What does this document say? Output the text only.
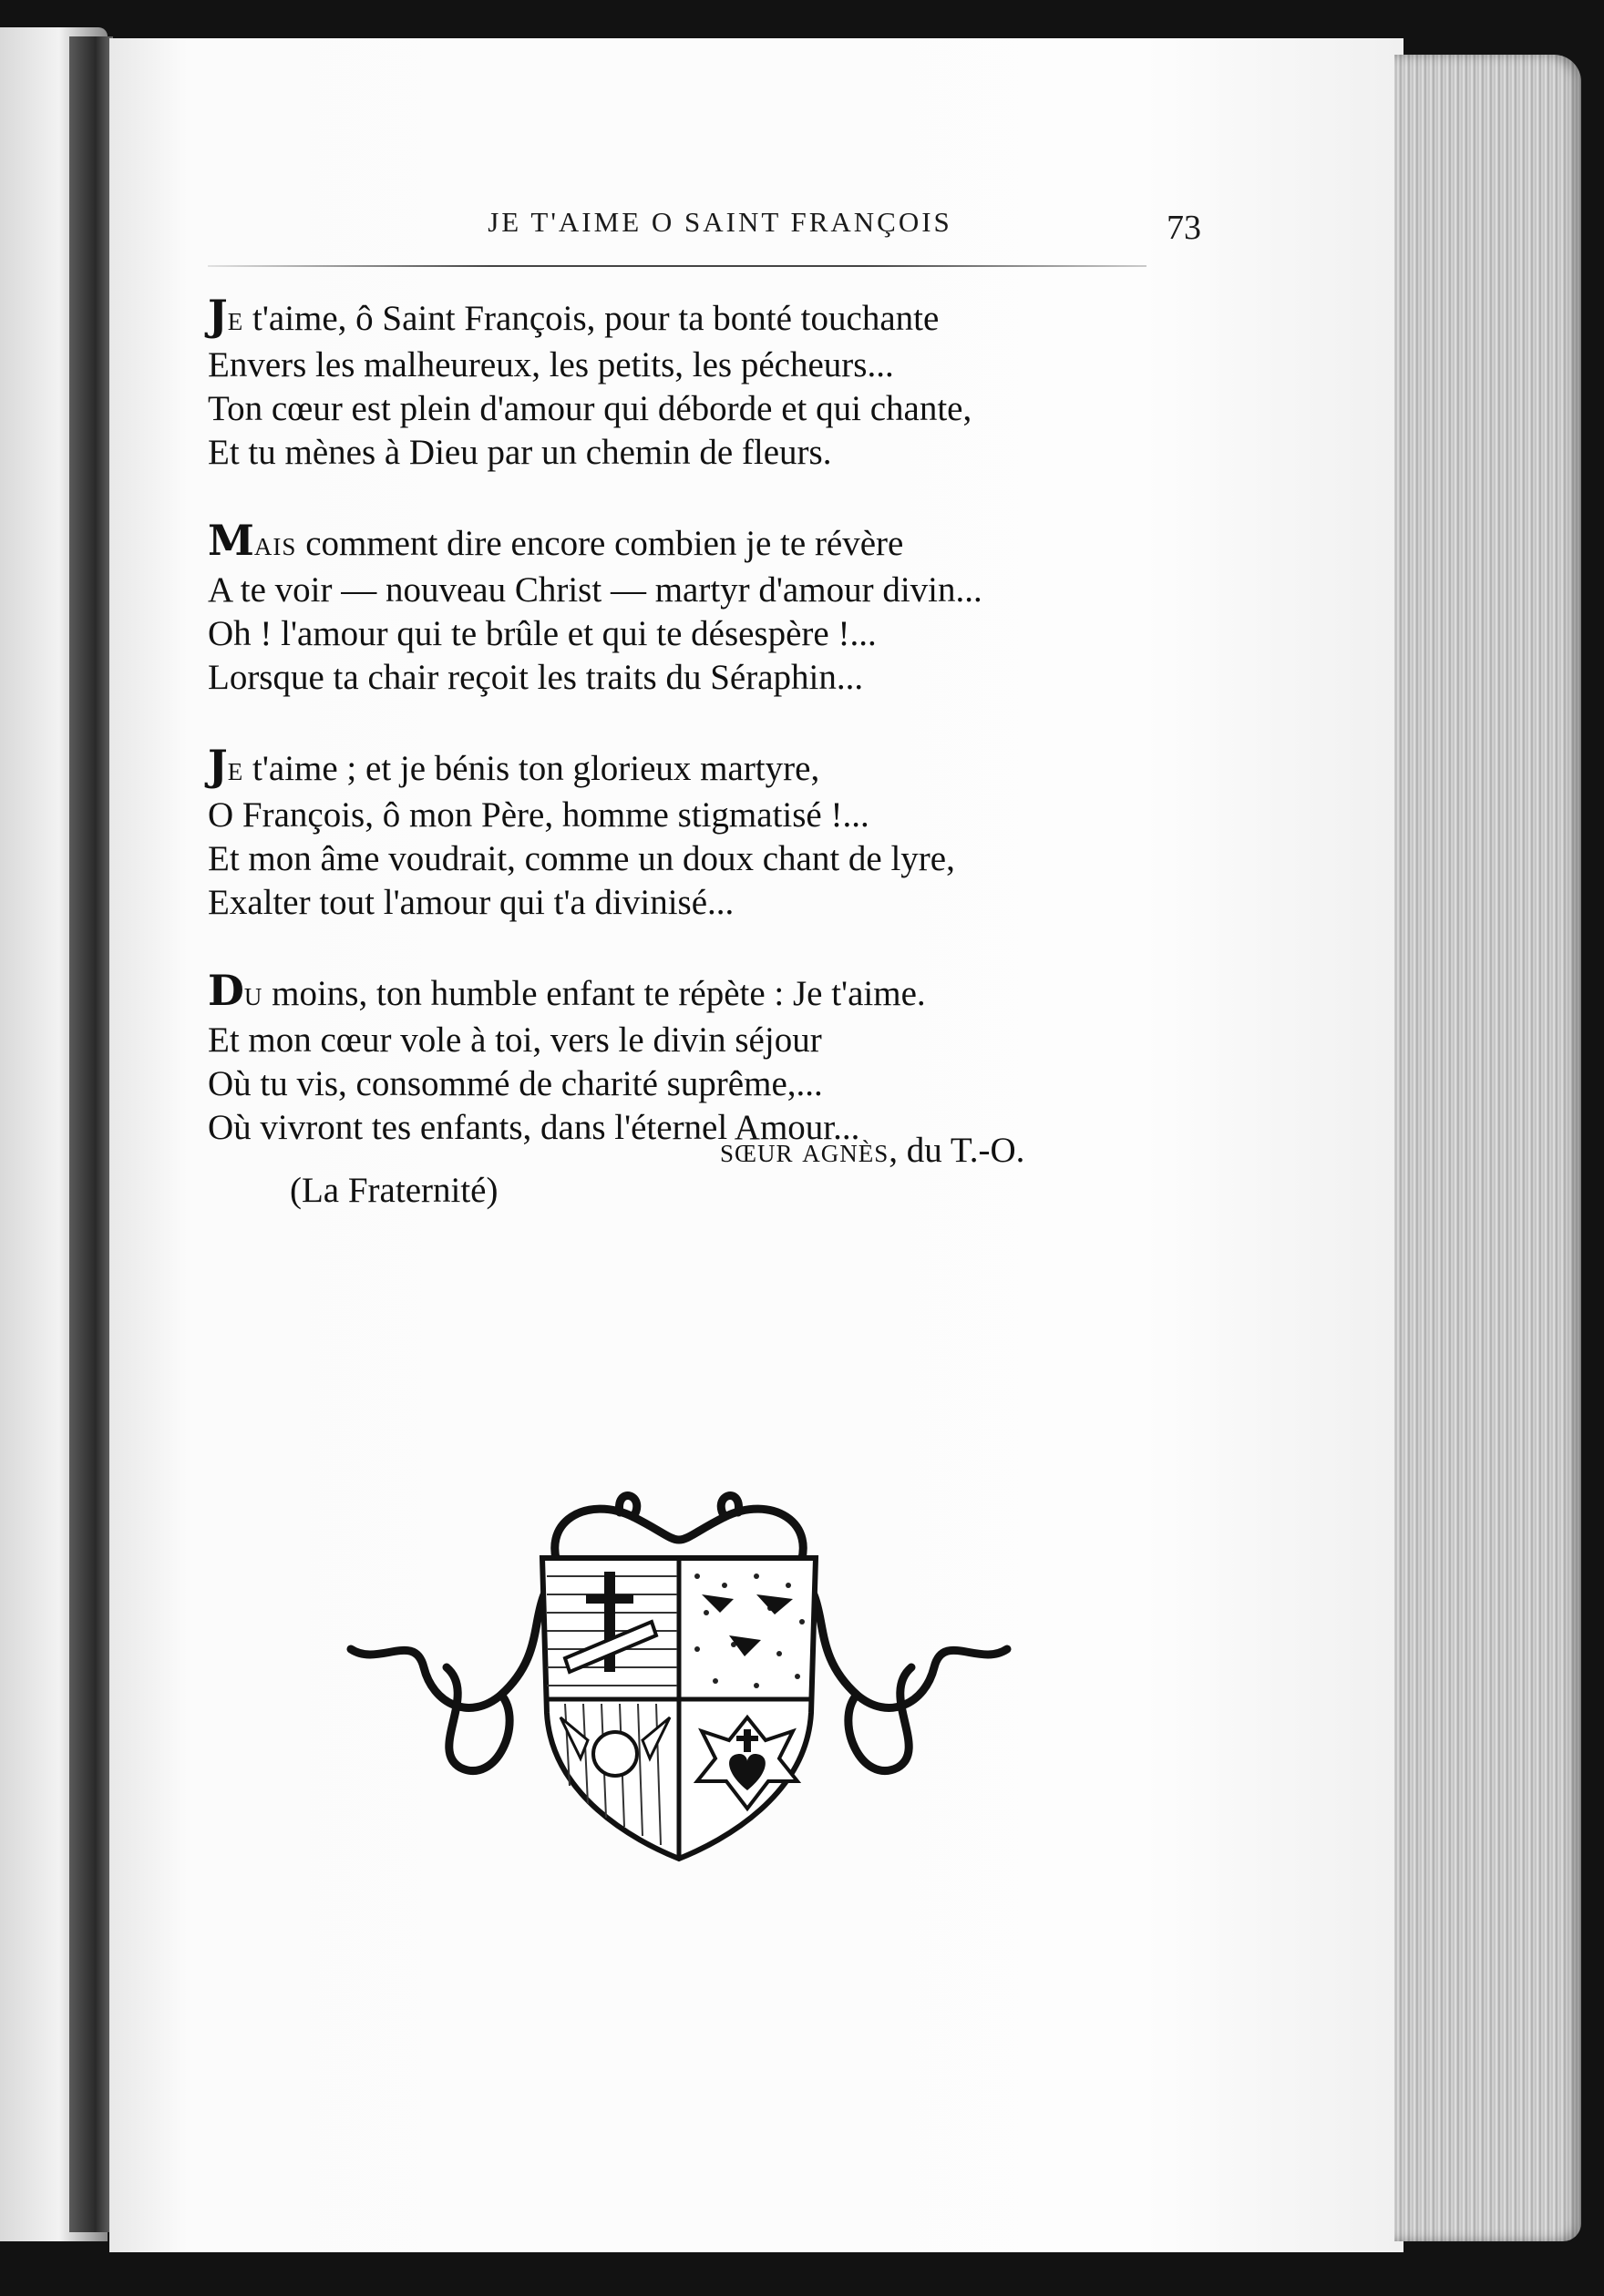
JE T'AIME O SAINT FRANÇOIS	73
JE t'aime, ô Saint François, pour ta bonté touchante
Envers les malheureux, les petits, les pécheurs...
Ton cœur est plein d'amour qui déborde et qui chante,
Et tu mènes à Dieu par un chemin de fleurs.
MAIS comment dire encore combien je te révère
A te voir — nouveau Christ — martyr d'amour divin...
Oh ! l'amour qui te brûle et qui te désespère !...
Lorsque ta chair reçoit les traits du Séraphin...
JE t'aime ; et je bénis ton glorieux martyre,
O François, ô mon Père, homme stigmatisé !...
Et mon âme voudrait, comme un doux chant de lyre,
Exalter tout l'amour qui t'a divinisé...
DU moins, ton humble enfant te répète : Je t'aime.
Et mon cœur vole à toi, vers le divin séjour
Où tu vis, consommé de charité suprême,...
Où vivront tes enfants, dans l'éternel Amour...
SŒUR AGNÈS, du T.-O.
(La Fraternité)
